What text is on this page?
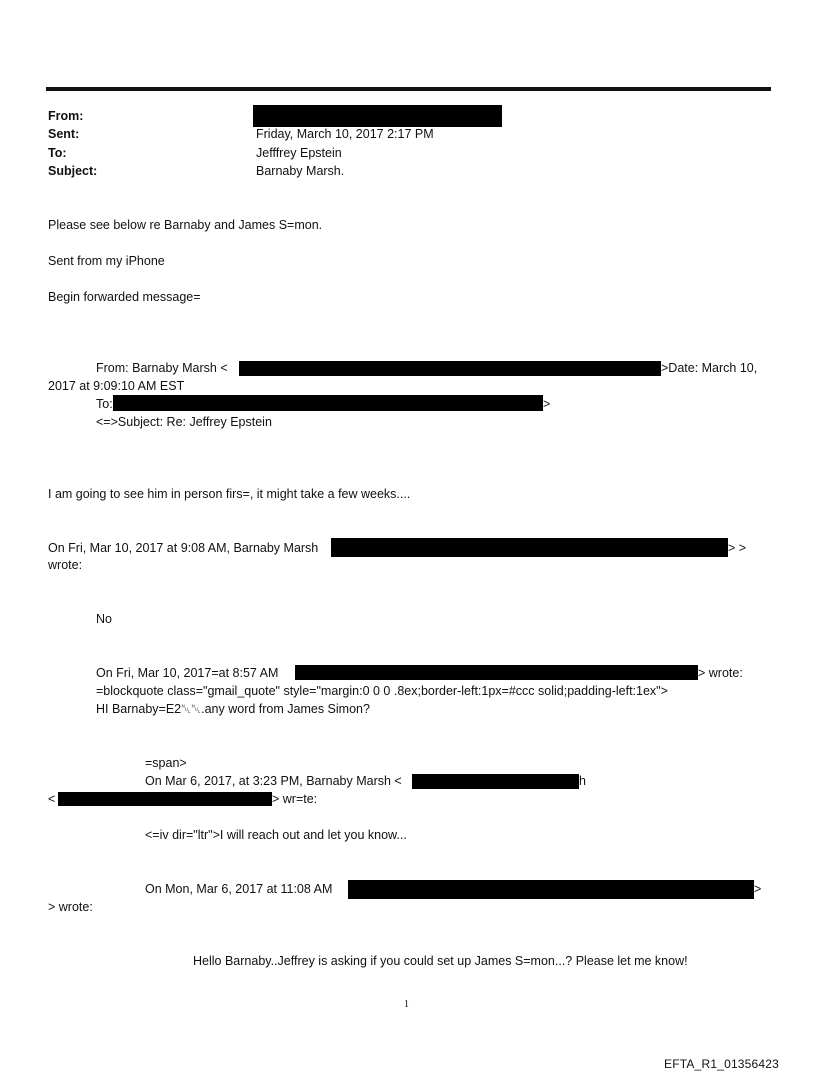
From:
Sent:	Friday, March 10, 2017 2:17 PM
To:	Jefffrey Epstein
Subject:	Barnaby Marsh.
Please see below re Barnaby and James S=mon.
Sent from my iPhone
Begin forwarded message=
From: Barnaby Marsh <	>Date: March 10,
2017 at 9:09:10 AM EST
To:	>
<=>Subject: Re: Jeffrey Epstein
I am going to see him in person firs=, it might take a few weeks....
On Fri, Mar 10, 2017 at 9:08 AM, Barnaby Marsh	> >
wrote:
No
On Fri, Mar 10, 2017=at 8:57 AM	> wrote:
=blockquote class="gmail_quote" style="margin:0 0 0 .8ex;border-left:1px=#ccc solid;padding-left:1ex">
HI Barnaby=E2␀␀.any word from James Simon?
=span>
On Mar 6, 2017, at 3:23 PM, Barnaby Marsh <	h
<	> wr=te:
<=iv dir="ltr">I will reach out and let you know...
On Mon, Mar 6, 2017 at 11:08 AM	>
> wrote:
Hello Barnaby..Jeffrey is asking if you could set up James S=mon...? Please let me know!
1
EFTA_R1_01356423
